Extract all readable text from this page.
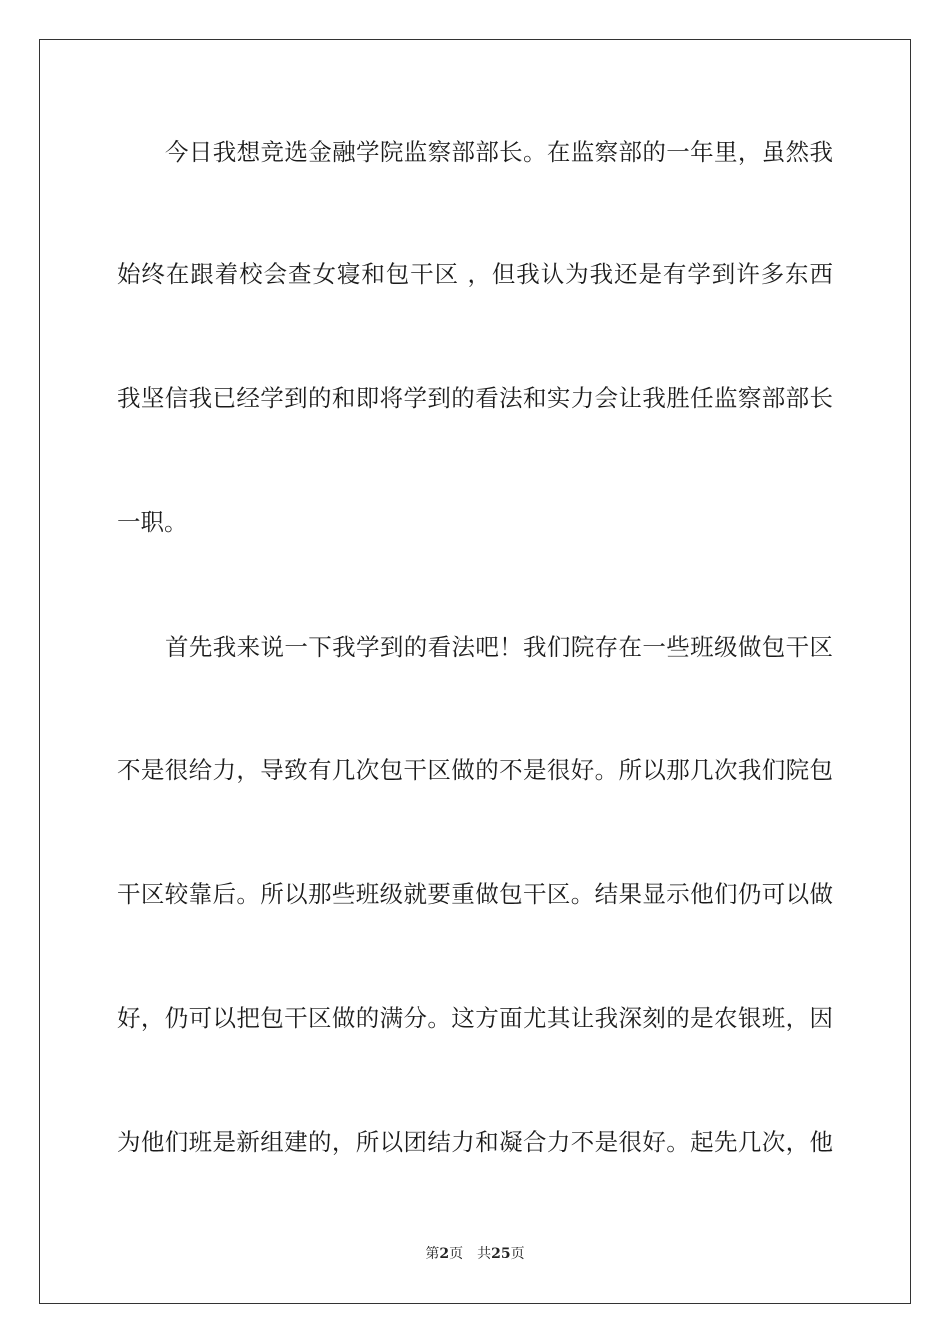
今日我想竞选金融学院监察部部长。在监察部的一年里，虽然我
始终在跟着校会查女寝和包干区 ，但我认为我还是有学到许多东西
我坚信我已经学到的和即将学到的看法和实力会让我胜任监察部部长
一职。
首先我来说一下我学到的看法吧！我们院存在一些班级做包干区
不是很给力，导致有几次包干区做的不是很好。所以那几次我们院包
干区较靠后。所以那些班级就要重做包干区。结果显示他们仍可以做
好，仍可以把包干区做的满分。这方面尤其让我深刻的是农银班，因
为他们班是新组建的，所以团结力和凝合力不是很好。起先几次，他
第2页 共25页
